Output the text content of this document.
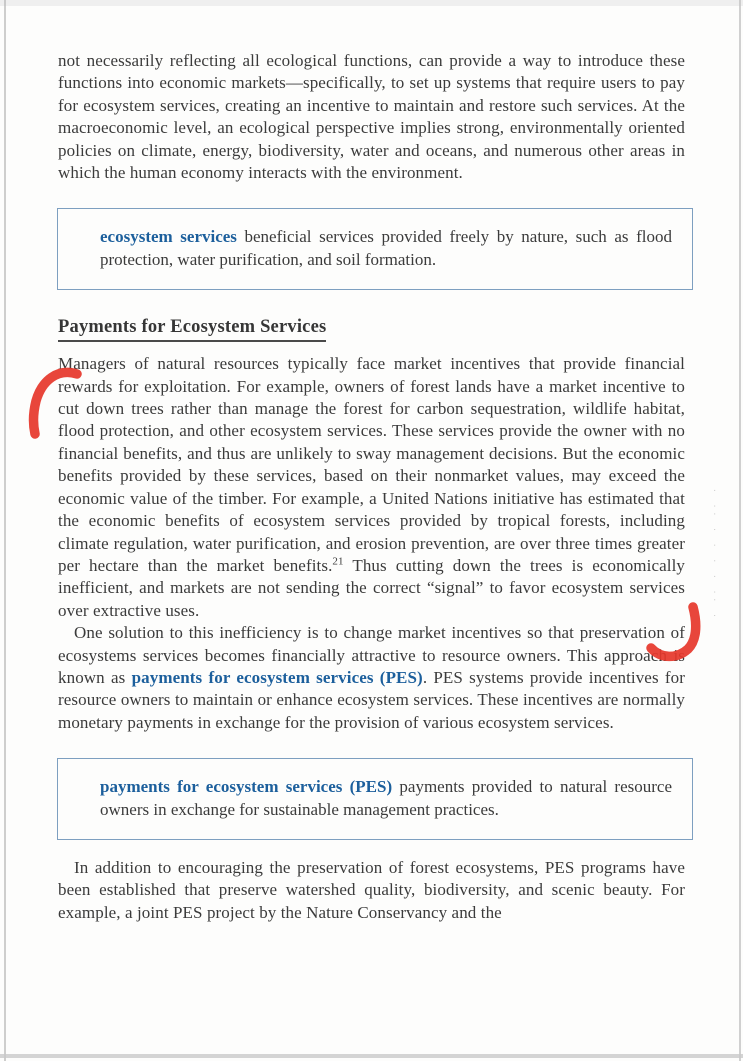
not necessarily reflecting all ecological functions, can provide a way to introduce these functions into economic markets—specifically, to set up systems that require users to pay for ecosystem services, creating an incentive to maintain and restore such services. At the macroeconomic level, an ecological perspective implies strong, environmentally oriented policies on climate, energy, biodiversity, water and oceans, and numerous other areas in which the human economy interacts with the environment.

ecosystem services beneficial services provided freely by nature, such as flood protection, water purification, and soil formation.

Payments for Ecosystem Services

Managers of natural resources typically face market incentives that provide financial rewards for exploitation. For example, owners of forest lands have a market incentive to cut down trees rather than manage the forest for carbon sequestration, wildlife habitat, flood protection, and other ecosystem services. These services provide the owner with no financial benefits, and thus are unlikely to sway management decisions. But the economic benefits provided by these services, based on their nonmarket values, may exceed the economic value of the timber. For example, a United Nations initiative has estimated that the economic benefits of ecosystem services provided by tropical forests, including climate regulation, water purification, and erosion prevention, are over three times greater per hectare than the market benefits.$^{21}$ Thus cutting down the trees is economically inefficient, and markets are not sending the correct “signal” to favor ecosystem services over extractive uses.

One solution to this inefficiency is to change market incentives so that preservation of ecosystems services becomes financially attractive to resource owners. This approach is known as payments for ecosystem services (PES). PES systems provide incentives for resource owners to maintain or enhance ecosystem services. These incentives are normally monetary payments in exchange for the provision of various ecosystem services.

payments for ecosystem services (PES) payments provided to natural resource owners in exchange for sustainable management practices.

In addition to encouraging the preservation of forest ecosystems, PES programs have been established that preserve watershed quality, biodiversity, and scenic beauty. For example, a joint PES project by the Nature Conservancy and the

· ·· · · · · ·· ·
